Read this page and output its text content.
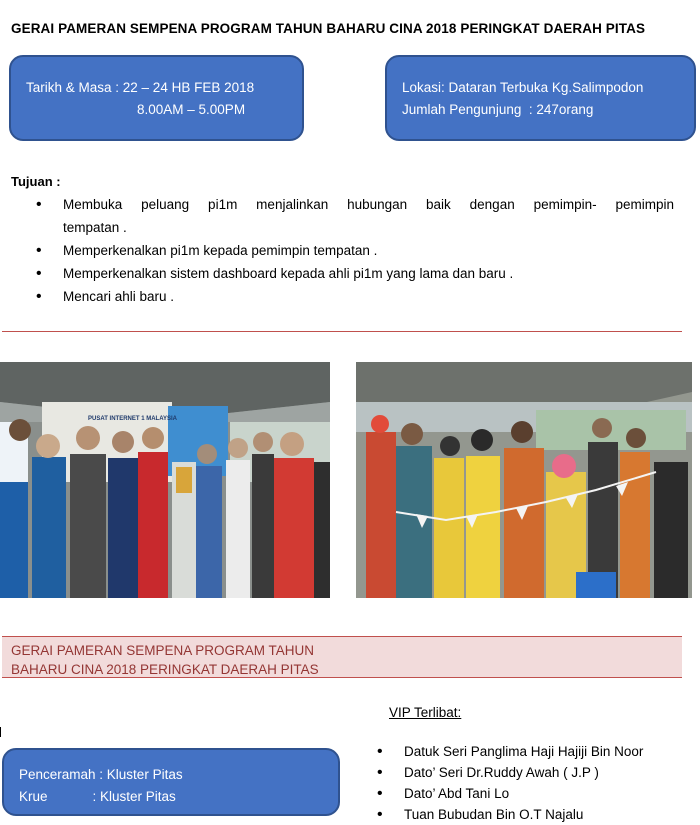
GERAI PAMERAN SEMPENA PROGRAM TAHUN BAHARU CINA 2018 PERINGKAT DAERAH PITAS
Tarikh & Masa : 22 – 24 HB FEB 2018
8.00AM – 5.00PM
Lokasi: Dataran Terbuka Kg.Salimpodon
Jumlah Pengunjung  : 247orang
Tujuan :
• Membuka peluang pi1m menjalinkan hubungan baik dengan pemimpin- pemimpin
tempatan .
• Memperkenalkan pi1m kepada pemimpin tempatan .
• Memperkenalkan sistem dashboard kepada ahli pi1m yang lama dan baru .
• Mencari ahli baru .
PUSAT INTERNET 1 MALAYSIA
GERAI PAMERAN SEMPENA PROGRAM TAHUN
BAHARU CINA 2018 PERINGKAT DAERAH PITAS
Penceramah : Kluster Pitas
Krue            : Kluster Pitas
VIP Terlibat:
• Datuk Seri Panglima Haji Hajiji Bin Noor
• Dato’ Seri Dr.Ruddy Awah ( J.P )
• Dato’ Abd Tani Lo
• Tuan Bubudan Bin O.T Najalu
